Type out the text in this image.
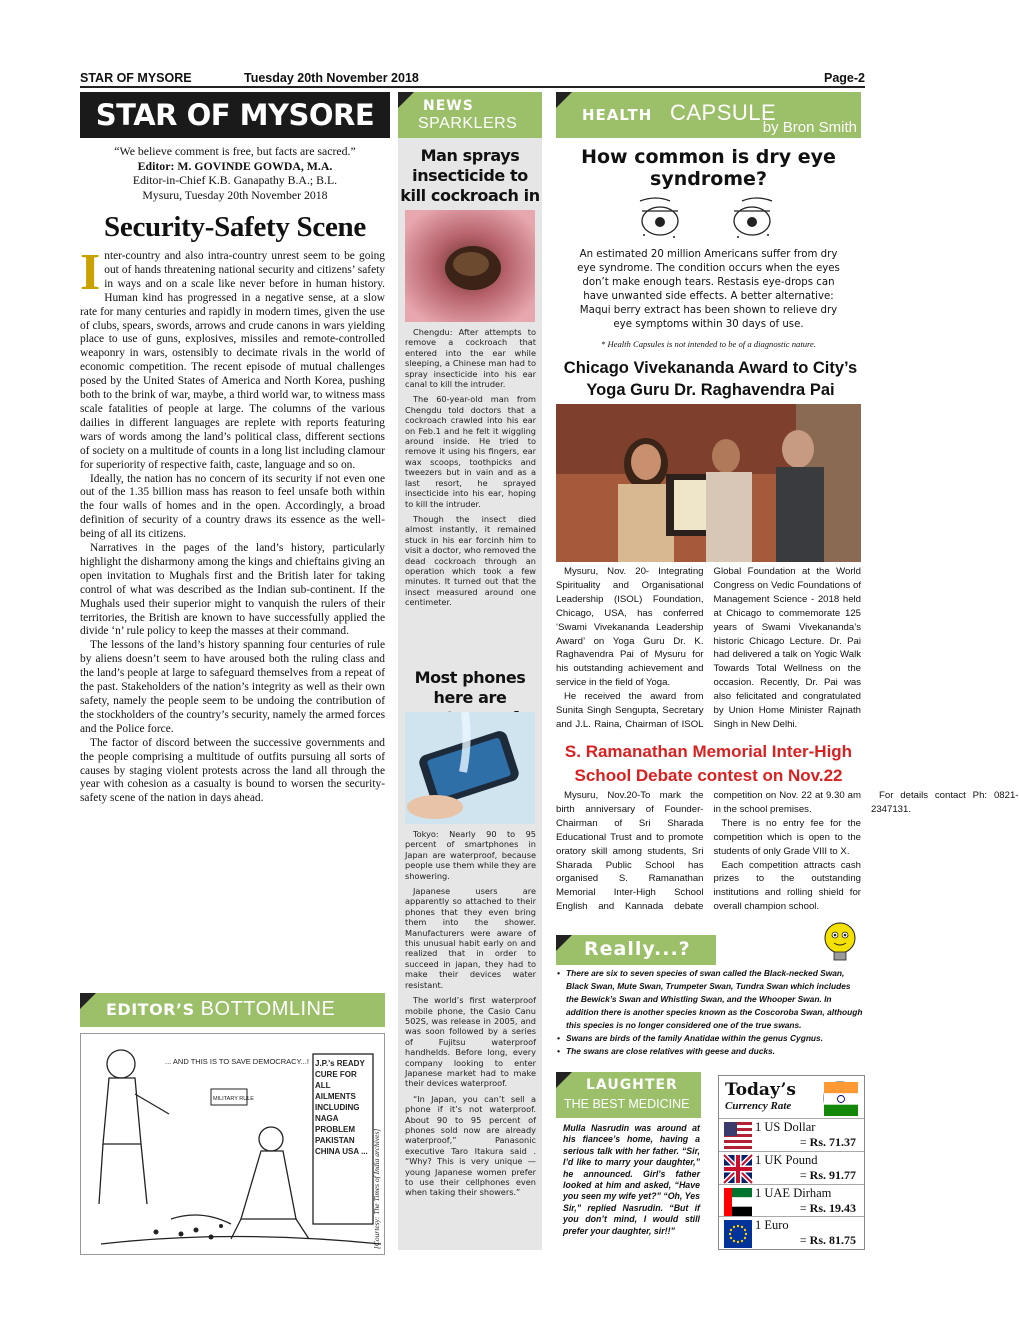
STAR OF MYSORE	Tuesday 20th November 2018	Page-2
STAR OF MYSORE
“We believe comment is free, but facts are sacred.”
Editor: M. GOVINDE GOWDA, M.A.
Editor-in-Chief K.B. Ganapathy B.A.; B.L.
Mysuru, Tuesday 20th November 2018
Security-Safety Scene

Inter-country and also intra-country unrest seem to be going out of hands threatening national security and citizens’ safety in ways and on a scale like never before in human history. Human kind has progressed in a negative sense, at a slow rate for many centuries and rapidly in modern times, given the use of clubs, spears, swords, arrows and crude canons in wars yielding place to use of guns, explosives, missiles and remote-controlled weaponry in wars, ostensibly to decimate rivals in the world of economic competition. The recent episode of mutual challenges posed by the United States of America and North Korea, pushing both to the brink of war, maybe, a third world war, to witness mass scale fatalities of people at large. The columns of the various dailies in different languages are replete with reports featuring wars of words among the land’s political class, different sections of society on a multitude of counts in a long list including clamour for superiority of respective faith, caste, language and so on.

Ideally, the nation has no concern of its security if not even one out of the 1.35 billion mass has reason to feel unsafe both within the four walls of homes and in the open. Accordingly, a broad definition of security of a country draws its essence as the well-being of all its citizens.

Narratives in the pages of the land’s history, particularly highlight the disharmony among the kings and chieftains giving an open invitation to Mughals first and the British later for taking control of what was described as the Indian sub-continent. If the Mughals used their superior might to vanquish the rulers of their territories, the British are known to have successfully applied the divide ‘n’ rule policy to keep the masses at their command.

The lessons of the land’s history spanning four centuries of rule by aliens doesn’t seem to have aroused both the ruling class and the land’s people at large to safeguard themselves from a repeat of the past. Stakeholders of the nation’s integrity as well as their own safety, namely the people seem to be undoing the contribution of the stockholders of the country’s security, namely the armed forces and the Police force.

The factor of discord between the successive governments and the people comprising a multitude of outfits pursuing all sorts of causes by staging violent protests across the land all through the year with cohesion as a casualty is bound to worsen the security-safety scene of the nation in days ahead.

EDITOR’S BOTTOMLINE
... AND THIS IS TO SAVE DEMOCRACY...!
MILITARY RULE
J.P.'s READY CURE FOR ALL AILMENTS INCLUDING NAGA PROBLEM PAKISTAN CHINA USA ... [Courtesy: The Times of India archives]
NEWS
SPARKLERS
Man sprays insecticide to kill cockroach in

Chengdu: After attempts to remove a cockroach that entered into the ear while sleeping, a Chinese man had to spray insecticide into his ear canal to kill the intruder.

The 60-year-old man from Chengdu told doctors that a cockroach crawled into his ear on Feb.1 and he felt it wiggling around inside. He tried to remove it using his fingers, ear wax scoops, toothpicks and tweezers but in vain and as a last resort, he sprayed insecticide into his ear, hoping to kill the intruder.

Though the insect died almost instantly, it remained stuck in his ear forcinh him to visit a doctor, who removed the dead cockroach through an operation which took a few minutes. It turned out that the insect measured around one centimeter.

Most phones here are

Tokyo: Nearly 90 to 95 percent of smartphones in Japan are waterproof, because people use them while they are showering.

Japanese users are apparently so attached to their phones that they even bring them into the shower. Manufacturers were aware of this unusual habit early on and realized that in order to succeed in japan, they had to make their devices water resistant.

The world’s first waterproof mobile phone, the Casio Canu 502S, was release in 2005, and was soon followed by a series of Fujitsu waterproof handhelds. Before long, every company looking to enter Japanese market had to make their devices waterproof.

“In Japan, you can’t sell a phone if it’s not waterproof. About 90 to 95 percent of phones sold now are already waterproof,” Panasonic executive Taro Itakura said . “Why? This is very unique — young Japanese women prefer to use their cellphones even when taking their showers.”

HEALTH CAPSULE
by Bron Smith
How common is dry eye syndrome?
An estimated 20 million Americans suffer from dry eye syndrome. The condition occurs when the eyes don’t make enough tears. Restasis eye-drops can have unwanted side effects. A better alternative: Maqui berry extract has been shown to relieve dry eye symptoms within 30 days of use.
* Health Capsules is not intended to be of a diagnostic nature.
Chicago Vivekananda Award to City’s Yoga Guru Dr. Raghavendra Pai

Mysuru, Nov. 20- Integrating Spirituality and Organisational Leadership (ISOL) Foundation, Chicago, USA, has conferred ‘Swami Vivekananda Leadership Award’ on Yoga Guru Dr. K. Raghavendra Pai of Mysuru for his outstanding achievement and service in the field of Yoga.

He received the award from Sunita Singh Sengupta, Secretary and J.L. Raina, Chairman of ISOL Global Foundation at the World Congress on Vedic Foundations of Management Science - 2018 held at Chicago to commemorate 125 years of Swami Vivekananda’s historic Chicago Lecture. Dr. Pai had delivered a talk on Yogic Walk Towards Total Wellness on the occasion. Recently, Dr. Pai was also felicitated and congratulated by Union Home Minister Rajnath Singh in New Delhi.

S. Ramanathan Memorial Inter-High School Debate contest on Nov.22

Mysuru, Nov.20-To mark the birth anniversary of Founder-Chairman of Sri Sharada Educational Trust and to promote oratory skill among students, Sri Sharada Public School has organised S. Ramanathan Memorial Inter-High School English and Kannada debate competition on Nov. 22 at 9.30 am in the school premises.

There is no entry fee for the competition which is open to the students of only Grade VIII to X.

Each competition attracts cash prizes to the outstanding institutions and rolling shield for overall champion school.

For details contact Ph: 0821-2347131.

Really...?
• There are six to seven species of swan called the Black-necked Swan, Black Swan, Mute Swan, Trumpeter Swan, Tundra Swan which includes the Bewick’s Swan and Whistling Swan, and the Whooper Swan. In addition there is another species known as the Coscoroba Swan, although this species is no longer considered one of the true swans.
• Swans are birds of the family Anatidae within the genus Cygnus.
• The swans are close relatives with geese and ducks.
LAUGHTER
THE BEST MEDICINE
Mulla Nasrudin was around at his fiancee’s home, having a serious talk with her father. “Sir, I’d like to marry your daughter,” he announced. Girl’s father looked at him and asked, “Have you seen my wife yet?” “Oh, Yes Sir,” replied Nasrudin. “But if you don’t mind, I would still prefer your daughter, sir!!”
Today’s
Currency Rate
1 US Dollar
= Rs. 71.37
1 UK Pound
= Rs. 91.77
1 UAE Dirham
= Rs. 19.43
1 Euro
= Rs. 81.75
